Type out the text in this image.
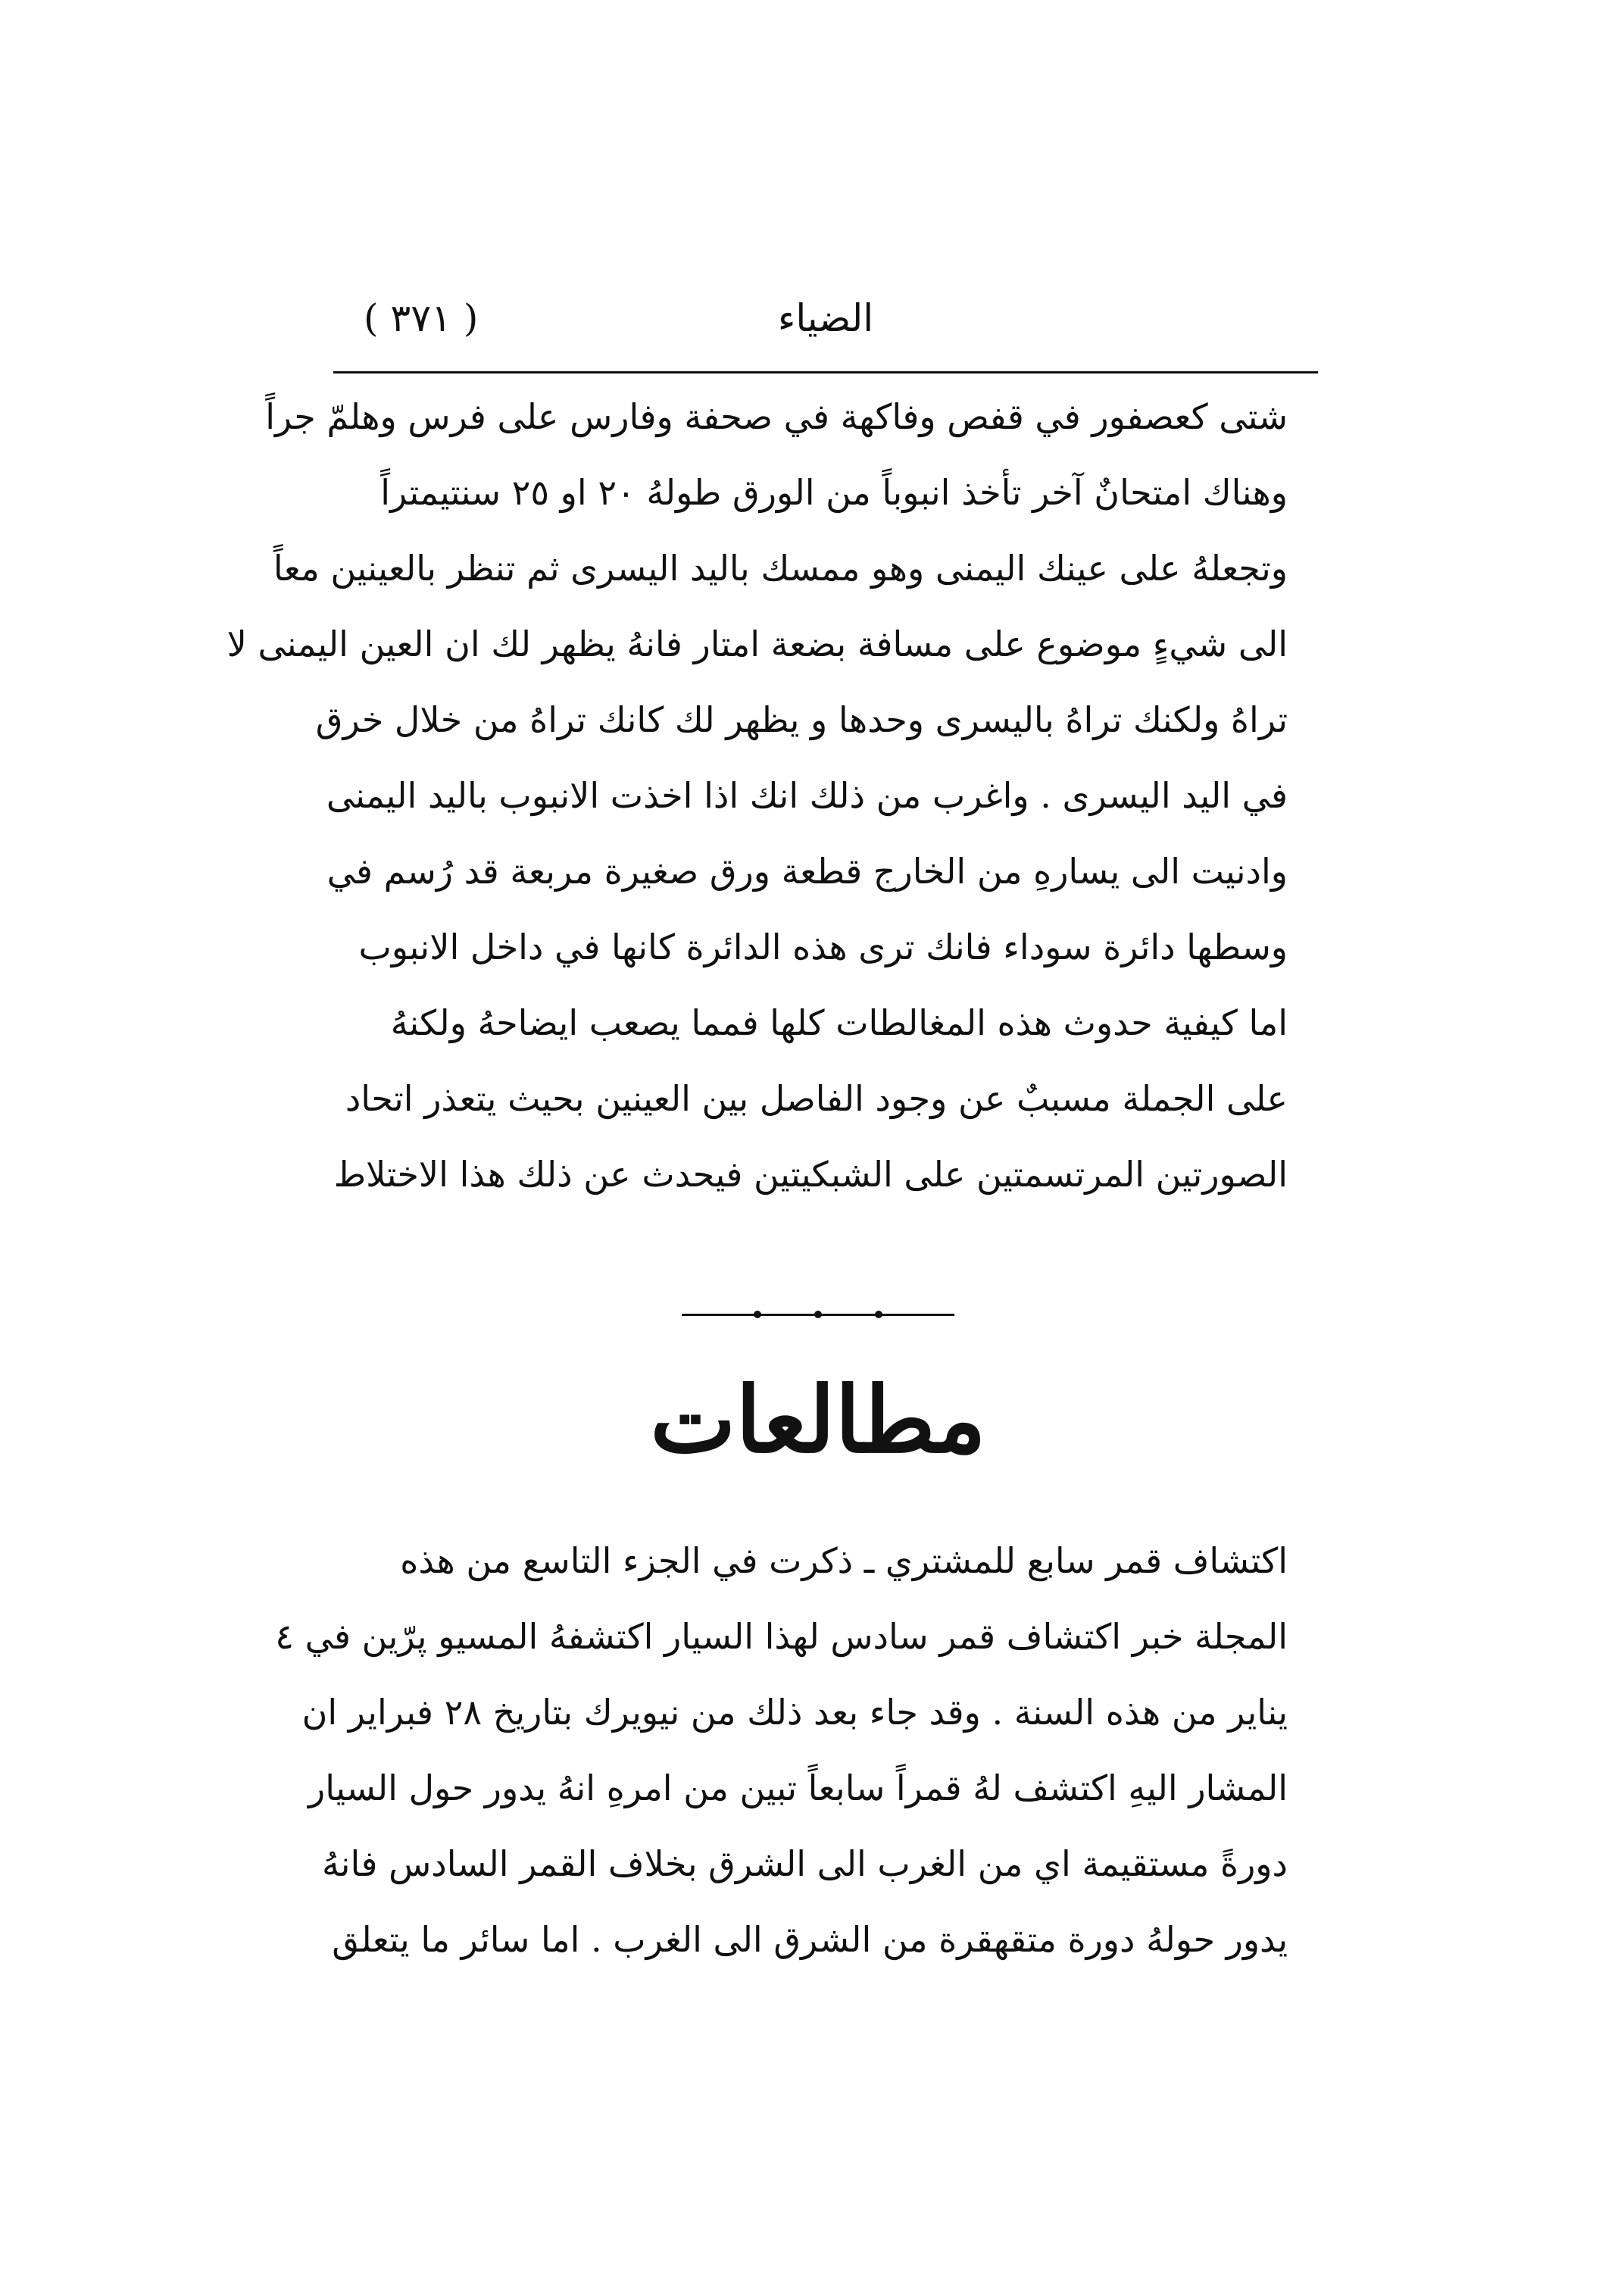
الضياء
( ٣٧١ )
شتى كعصفور في قفص وفاكهة في صحفة وفارس على فرس وهلمّ جراً
وهناك امتحانٌ آخر تأخذ انبوباً من الورق طولهُ ٢٠ او ٢٥ سنتيمتراً
وتجعلهُ على عينك اليمنى وهو ممسك باليد اليسرى ثم تنظر بالعينين معاً
الى شيءٍ موضوع على مسافة بضعة امتار فانهُ يظهر لك ان العين اليمنى لا
تراهُ ولكنك تراهُ باليسرى وحدها و يظهر لك كانك تراهُ من خلال خرق
في اليد اليسرى . واغرب من ذلك انك اذا اخذت الانبوب باليد اليمنى
وادنيت الى يسارهِ من الخارج قطعة ورق صغيرة مربعة قد رُسم في
وسطها دائرة سوداء فانك ترى هذه الدائرة كانها في داخل الانبوب
اما كيفية حدوث هذه المغالطات كلها فمما يصعب ايضاحهُ ولكنهُ
على الجملة مسببٌ عن وجود الفاصل بين العينين بحيث يتعذر اتحاد
الصورتين المرتسمتين على الشبكيتين فيحدث عن ذلك هذا الاختلاط
مطالعات
اكتشاف قمر سابع للمشتري ـ ذكرت في الجزء التاسع من هذه
المجلة خبر اكتشاف قمر سادس لهذا السيار اكتشفهُ المسيو پرّين في ٤
يناير من هذه السنة . وقد جاء بعد ذلك من نيويرك بتاريخ ٢٨ فبراير ان
المشار اليهِ اكتشف لهُ قمراً سابعاً تبين من امرهِ انهُ يدور حول السيار
دورةً مستقيمة اي من الغرب الى الشرق بخلاف القمر السادس فانهُ
يدور حولهُ دورة متقهقرة من الشرق الى الغرب . اما سائر ما يتعلق
